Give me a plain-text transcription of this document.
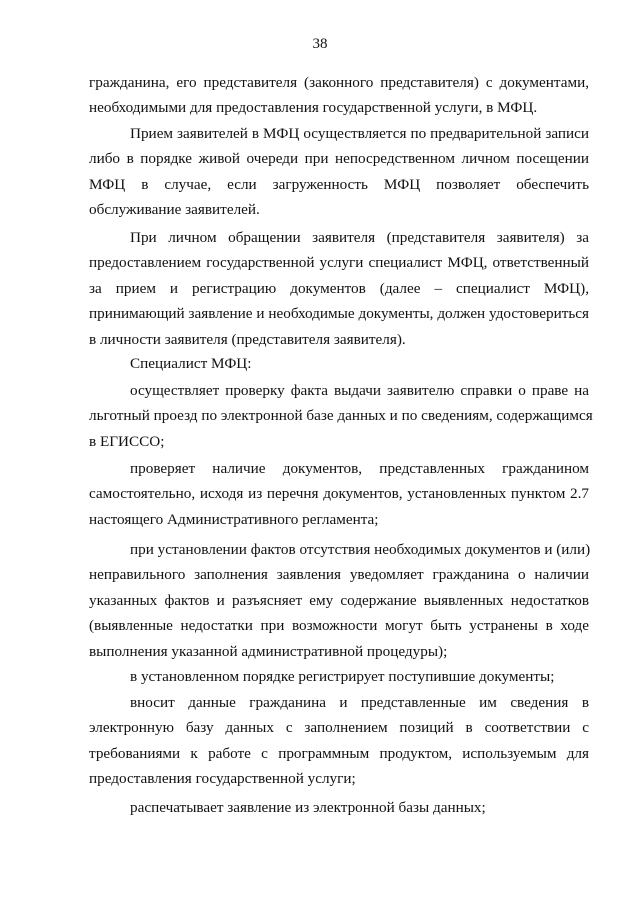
38
гражданина, его представителя (законного представителя) с документами,
необходимыми для предоставления государственной услуги, в МФЦ.
Прием заявителей в МФЦ осуществляется по предварительной записи
либо в порядке живой очереди при непосредственном личном посещении
МФЦ в случае, если загруженность МФЦ позволяет обеспечить
обслуживание заявителей.
При личном обращении заявителя (представителя заявителя) за
предоставлением государственной услуги специалист МФЦ, ответственный
за прием и регистрацию документов (далее – специалист МФЦ),
принимающий заявление и необходимые документы, должен удостовериться
в личности заявителя (представителя заявителя).
Специалист МФЦ:
осуществляет проверку факта выдачи заявителю справки о праве на
льготный проезд по электронной базе данных и по сведениям, содержащимся
в ЕГИССО;
проверяет наличие документов, представленных гражданином
самостоятельно, исходя из перечня документов, установленных пунктом 2.7
настоящего Административного регламента;
при установлении фактов отсутствия необходимых документов и (или)
неправильного заполнения заявления уведомляет гражданина о наличии
указанных фактов и разъясняет ему содержание выявленных недостатков
(выявленные недостатки при возможности могут быть устранены в ходе
выполнения указанной административной процедуры);
в установленном порядке регистрирует поступившие документы;
вносит данные гражданина и представленные им сведения в
электронную базу данных с заполнением позиций в соответствии с
требованиями к работе с программным продуктом, используемым для
предоставления государственной услуги;
распечатывает заявление из электронной базы данных;
